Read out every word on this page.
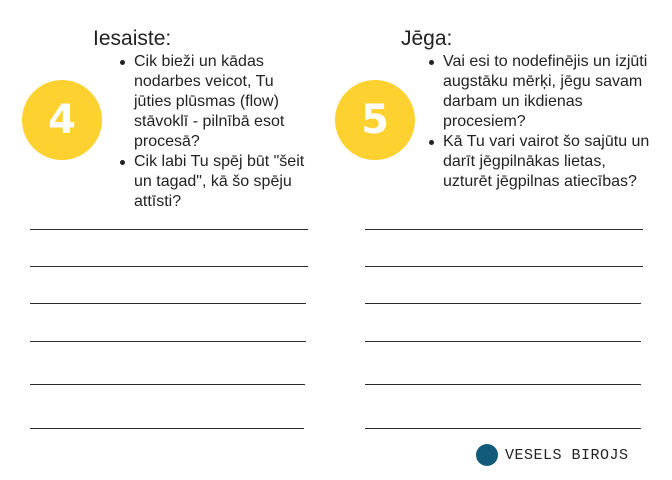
Iesaiste:
4
Cik bieži un kādas nodarbes veicot, Tu jūties plūsmas (flow) stāvoklī - pilnībā esot procesā?
Cik labi Tu spēj būt "šeit un tagad", kā šo spēju attīsti?
Jēga:
5
Vai esi to nodefinējis un izjūti augstāku mērķi, jēgu savam darbam un ikdienas procesiem?
Kā Tu vari vairot šo sajūtu un darīt jēgpilnākas lietas, uzturēt jēgpilnas atiecības?
VESELS BIROJS
